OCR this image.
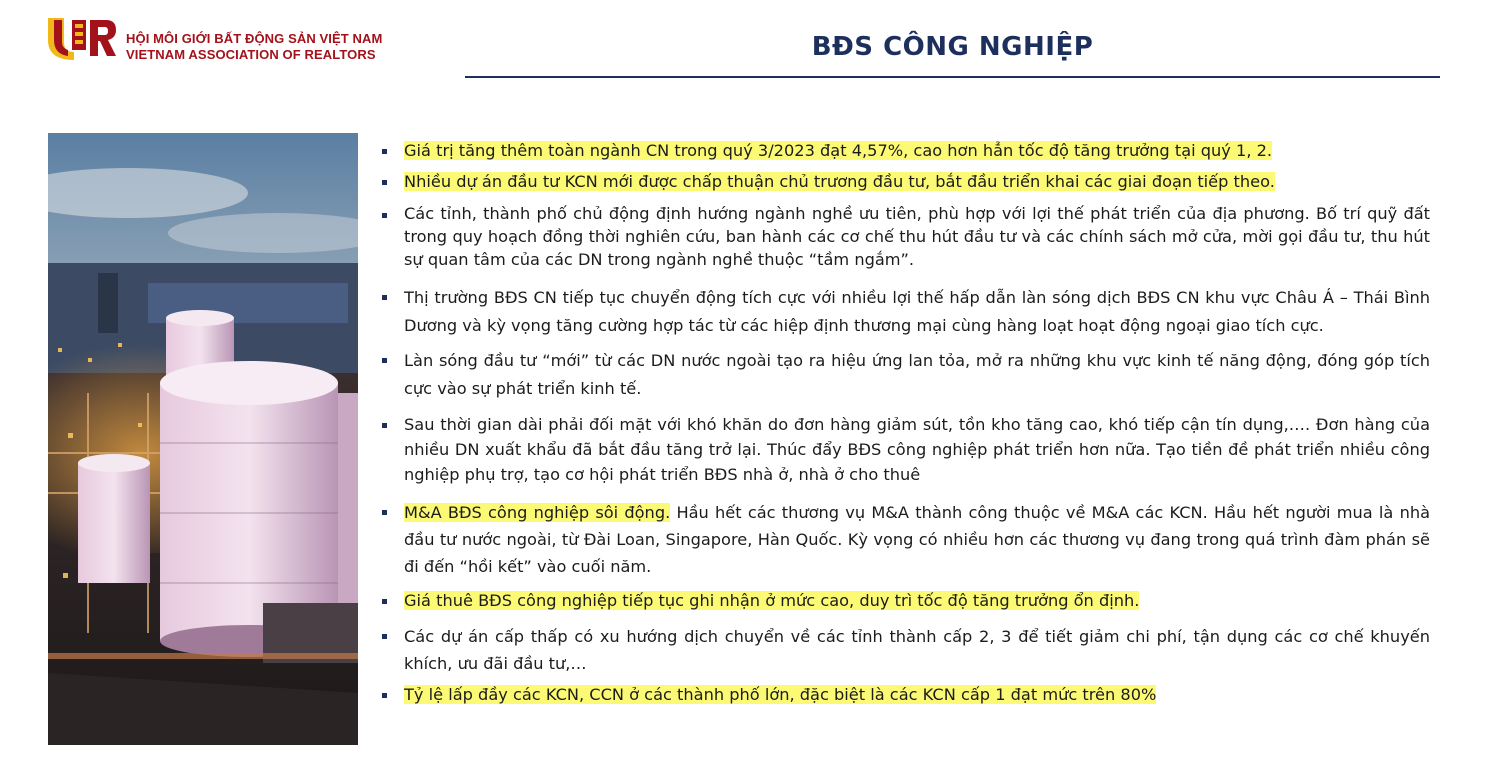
HỘI MÔI GIỚI BẤT ĐỘNG SẢN VIỆT NAM
VIETNAM ASSOCIATION OF REALTORS	BĐS CÔNG NGHIỆP
Giá trị tăng thêm toàn ngành CN trong quý 3/2023 đạt 4,57%, cao hơn hẳn tốc độ tăng trưởng tại quý 1, 2.
Nhiều dự án đầu tư KCN mới được chấp thuận chủ trương đầu tư, bắt đầu triển khai các giai đoạn tiếp theo.
Các tỉnh, thành phố chủ động định hướng ngành nghề ưu tiên, phù hợp với lợi thế phát triển của địa phương. Bố trí quỹ đất trong quy hoạch đồng thời nghiên cứu, ban hành các cơ chế thu hút đầu tư và các chính sách mở cửa, mời gọi đầu tư, thu hút sự quan tâm của các DN trong ngành nghề thuộc “tầm ngắm”.
Thị trường BĐS CN tiếp tục chuyển động tích cực với nhiều lợi thế hấp dẫn làn sóng dịch BĐS CN khu vực Châu Á – Thái Bình Dương và kỳ vọng tăng cường hợp tác từ các hiệp định thương mại cùng hàng loạt hoạt động ngoại giao tích cực.
Làn sóng đầu tư “mới” từ các DN nước ngoài tạo ra hiệu ứng lan tỏa, mở ra những khu vực kinh tế năng động, đóng góp tích cực vào sự phát triển kinh tế.
Sau thời gian dài phải đối mặt với khó khăn do đơn hàng giảm sút, tồn kho tăng cao, khó tiếp cận tín dụng,…. Đơn hàng của nhiều DN xuất khẩu đã bắt đầu tăng trở lại. Thúc đẩy BĐS công nghiệp phát triển hơn nữa. Tạo tiền đề phát triển nhiều công nghiệp phụ trợ, tạo cơ hội phát triển BĐS nhà ở, nhà ở cho thuê
M&A BĐS công nghiệp sôi động. Hầu hết các thương vụ M&A thành công thuộc về M&A các KCN. Hầu hết người mua là nhà đầu tư nước ngoài, từ Đài Loan, Singapore, Hàn Quốc. Kỳ vọng có nhiều hơn các thương vụ đang trong quá trình đàm phán sẽ đi đến “hồi kết” vào cuối năm.
Giá thuê BĐS công nghiệp tiếp tục ghi nhận ở mức cao, duy trì tốc độ tăng trưởng ổn định.
Các dự án cấp thấp có xu hướng dịch chuyển về các tỉnh thành cấp 2, 3 để tiết giảm chi phí, tận dụng các cơ chế khuyến khích, ưu đãi đầu tư,…
Tỷ lệ lấp đầy các KCN, CCN ở các thành phố lớn, đặc biệt là các KCN cấp 1 đạt mức trên 80%
